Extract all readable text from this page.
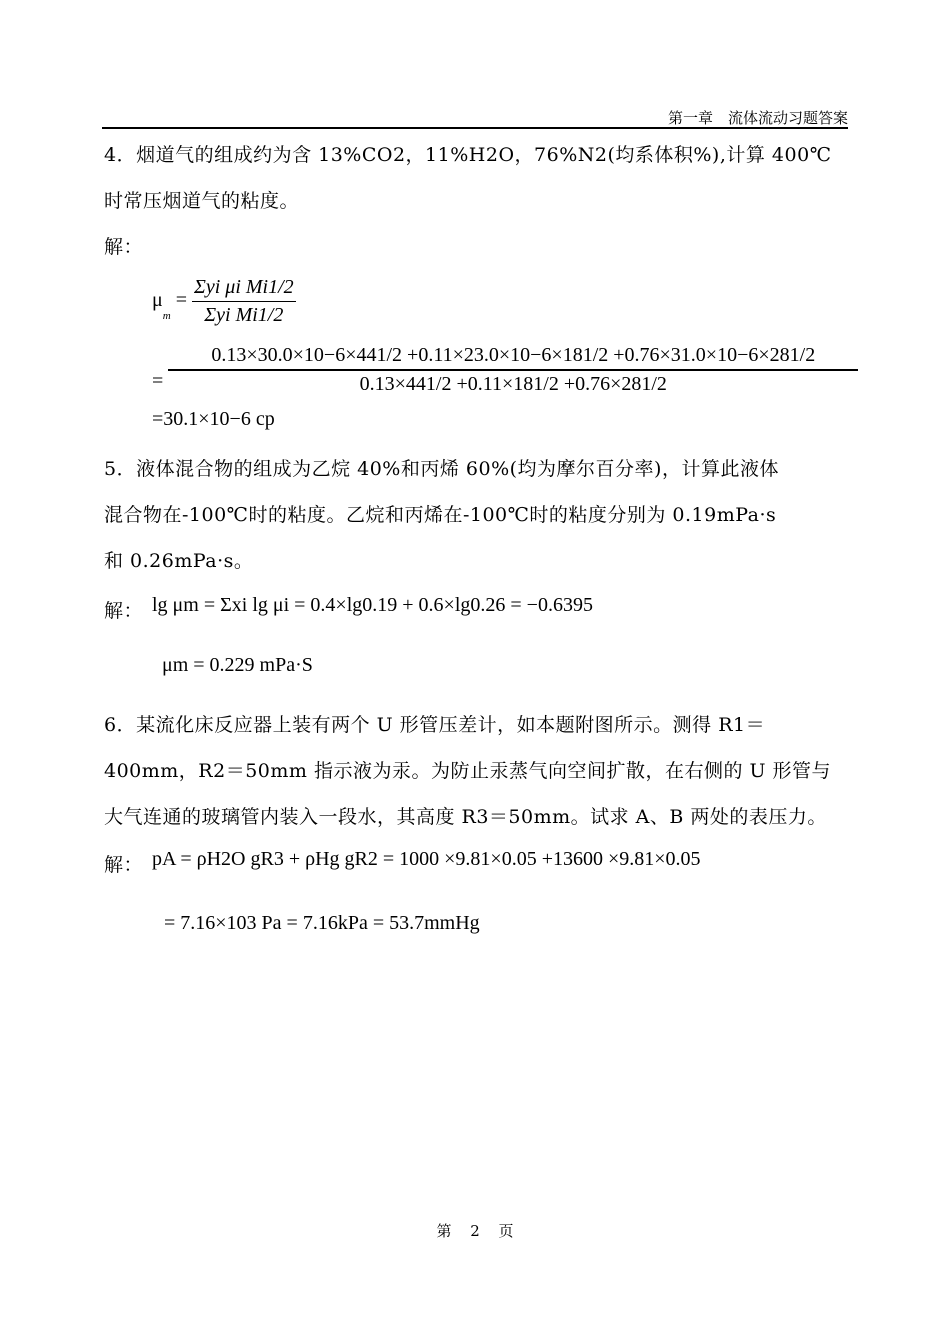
第一章　流体流动习题答案
4．烟道气的组成约为含 13%CO2，11%H2O，76%N2(均系体积%),计算 400℃
时常压烟道气的粘度。
解：
$\mu_m = \frac{\text{Σyi μi Mi1/2}}{\text{Σyi Mi1/2}}$
=
0.13×30.0×10−6×441/2 +0.11×23.0×10−6×181/2 +0.76×31.0×10−6×281/2
0.13×441/2 +0.11×181/2 +0.76×281/2
=30.1×10−6 cp
5．液体混合物的组成为乙烷 40%和丙烯 60%(均为摩尔百分率)，计算此液体
混合物在-100℃时的粘度。乙烷和丙烯在-100℃时的粘度分别为 0.19mPa·s
和 0.26mPa·s。
解： lg μm = Σxi lg μi = 0.4×lg0.19 + 0.6×lg0.26 = −0.6395
μm = 0.229 mPa·S
6．某流化床反应器上装有两个 U 形管压差计，如本题附图所示。测得 R1＝
400mm，R2＝50mm 指示液为汞。为防止汞蒸气向空间扩散，在右侧的 U 形管与
大气连通的玻璃管内装入一段水，其高度 R3＝50mm。试求 A、B 两处的表压力。
解： pA = ρH2O gR3 + ρHg gR2 = 1000 ×9.81×0.05 +13600 ×9.81×0.05
= 7.16×103 Pa = 7.16kPa = 53.7mmHg
第 2 页
